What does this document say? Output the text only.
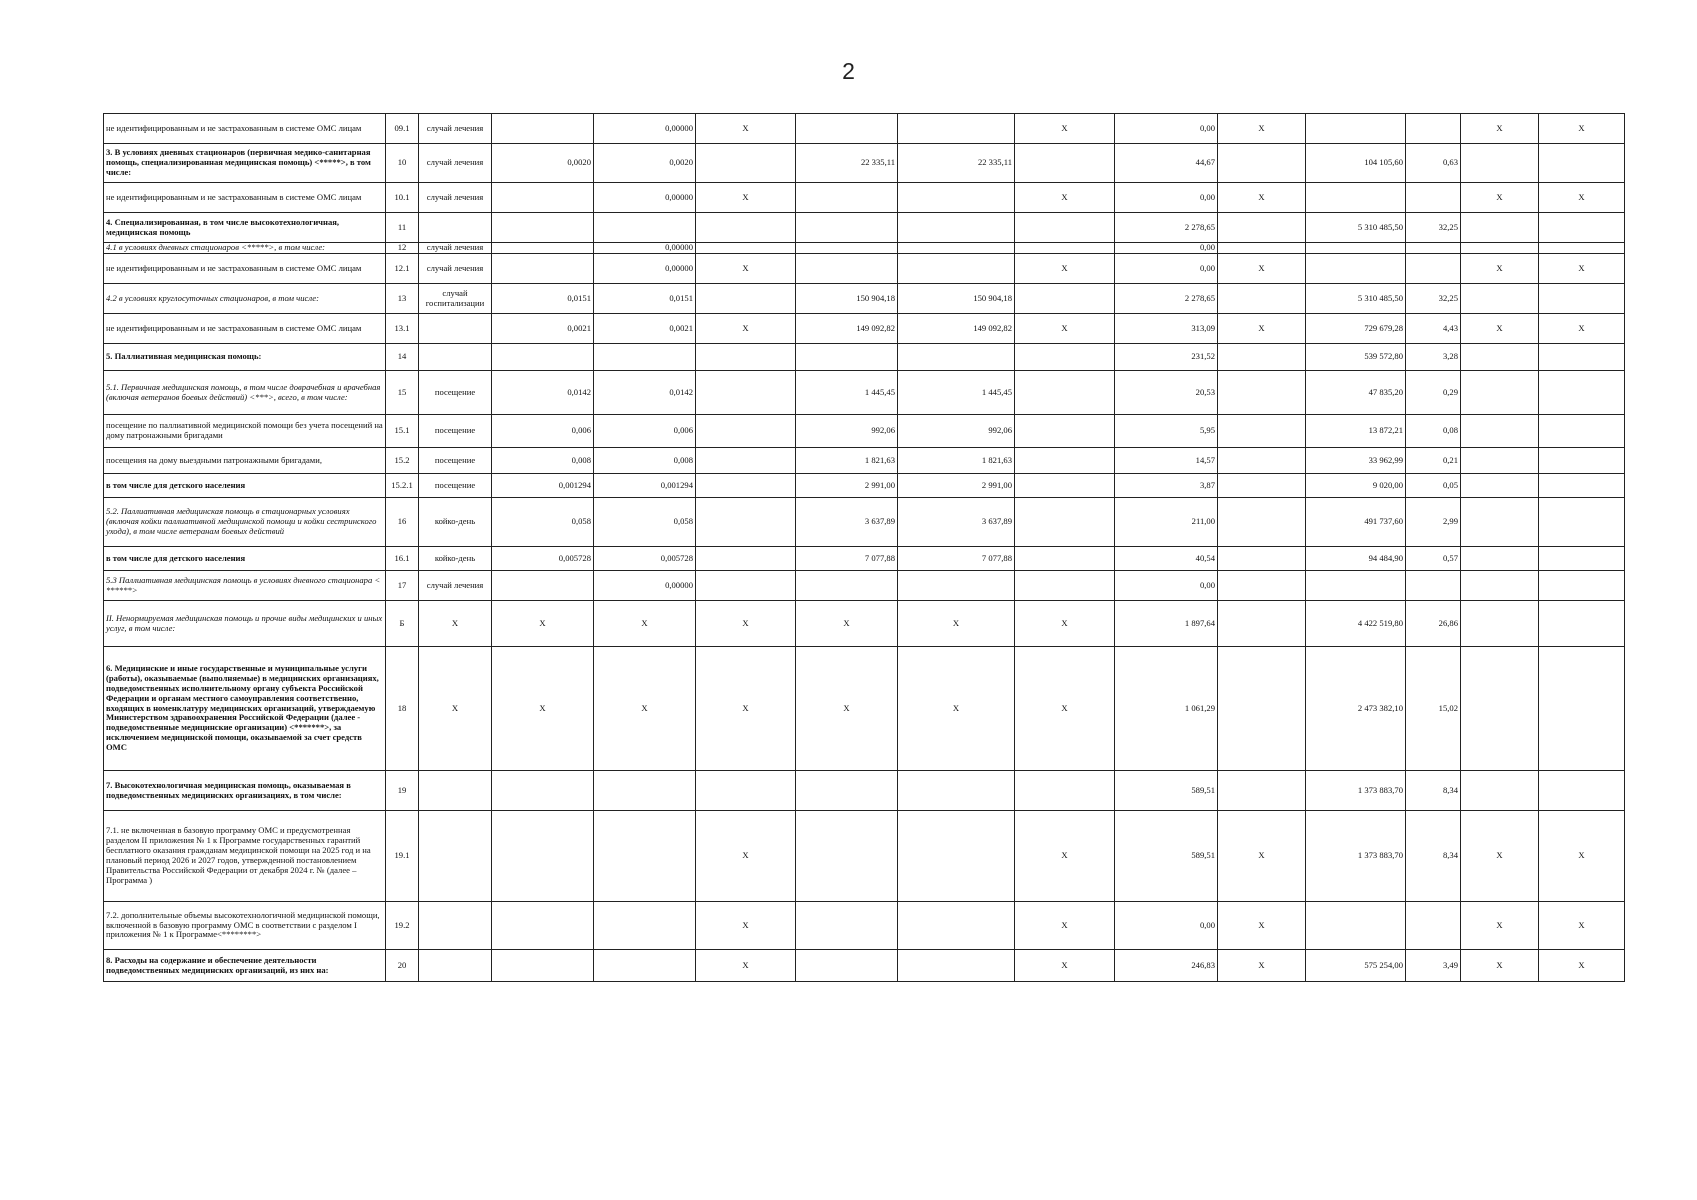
2
не идентифицированным и не застрахованным в системе ОМС лицам	09.1	случай лечения		0,00000	X			X	0,00	X			X	X
3. В условиях дневных стационаров (первичная медико-санитарная помощь, специализированная медицинская помощь) <*****>, в том числе:	10	случай лечения	0,0020	0,0020		22 335,11	22 335,11		44,67		104 105,60	0,63		
не идентифицированным и не застрахованным в системе ОМС лицам	10.1	случай лечения		0,00000	X			X	0,00	X			X	X
4. Специализированная, в том числе высокотехнологичная, медицинская помощь	11								2 278,65		5 310 485,50	32,25		
4.1 в условиях дневных стационаров <*****>, в том числе:	12	случай лечения		0,00000					0,00					
не идентифицированным и не застрахованным в системе ОМС лицам	12.1	случай лечения		0,00000	X			X	0,00	X			X	X
4.2 в условиях круглосуточных стационаров, в том числе:	13	случай госпитализации	0,0151	0,0151		150 904,18	150 904,18		2 278,65		5 310 485,50	32,25		
не идентифицированным и не застрахованным в системе ОМС лицам	13.1		0,0021	0,0021	X	149 092,82	149 092,82	X	313,09	X	729 679,28	4,43	X	X
5. Паллиативная медицинская помощь:	14								231,52		539 572,80	3,28		
5.1. Первичная медицинская помощь, в том числе доврачебная и врачебная (включая ветеранов боевых действий) <***>, всего, в том числе:	15	посещение	0,0142	0,0142		1 445,45	1 445,45		20,53		47 835,20	0,29		
посещение по паллиативной медицинской помощи без учета посещений на дому патронажными бригадами	15.1	посещение	0,006	0,006		992,06	992,06		5,95		13 872,21	0,08		
посещения на дому выездными патронажными бригадами,	15.2	посещение	0,008	0,008		1 821,63	1 821,63		14,57		33 962,99	0,21		
в том числе для детского населения	15.2.1	посещение	0,001294	0,001294		2 991,00	2 991,00		3,87		9 020,00	0,05		
5.2. Паллиативная медицинская помощь в стационарных условиях (включая койки паллиативной медицинской помощи и койки сестринского ухода), в том числе ветеранам боевых действий	16	койко-день	0,058	0,058		3 637,89	3 637,89		211,00		491 737,60	2,99		
в том числе для детского населения	16.1	койко-день	0,005728	0,005728		7 077,88	7 077,88		40,54		94 484,90	0,57		
5.3 Паллиативная медицинская помощь в условиях дневного стационара < ******>	17	случай лечения		0,00000					0,00					
II. Ненормируемая медицинская помощь и прочие виды медицинских и иных услуг, в том числе:	Б	X	X	X	X	X	X	X	1 897,64		4 422 519,80	26,86		
6. Медицинские и иные государственные и муниципальные услуги (работы), оказываемые (выполняемые) в медицинских организациях, подведомственных исполнительному органу субъекта Российской Федерации и органам местного самоуправления соответственно, входящих в номенклатуру медицинских организаций, утверждаемую Министерством здравоохранения Российской Федерации (далее - подведомственные медицинские организации) <*******>, за исключением медицинской помощи, оказываемой за счет средств ОМС	18	X	X	X	X	X	X	X	1 061,29		2 473 382,10	15,02		
7. Высокотехнологичная медицинская помощь, оказываемая в подведомственных медицинских организациях, в том числе:	19								589,51		1 373 883,70	8,34		
7.1. не включенная в базовую программу ОМС и предусмотренная разделом II приложения № 1 к Программе государственных гарантий бесплатного оказания гражданам медицинской помощи на 2025 год и на плановый период 2026 и 2027 годов, утвержденной постановлением Правительства Российской Федерации от декабря 2024 г. № (далее – Программа )	19.1				X			X	589,51	X	1 373 883,70	8,34	X	X
7.2. дополнительные объемы высокотехнологичной медицинской помощи, включенной в базовую программу ОМС в соответствии с разделом I приложения № 1 к Программе<********>	19.2				X			X	0,00	X			X	X
8. Расходы на содержание и обеспечение деятельности подведомственных медицинских организаций, из них на:	20				X			X	246,83	X	575 254,00	3,49	X	X
